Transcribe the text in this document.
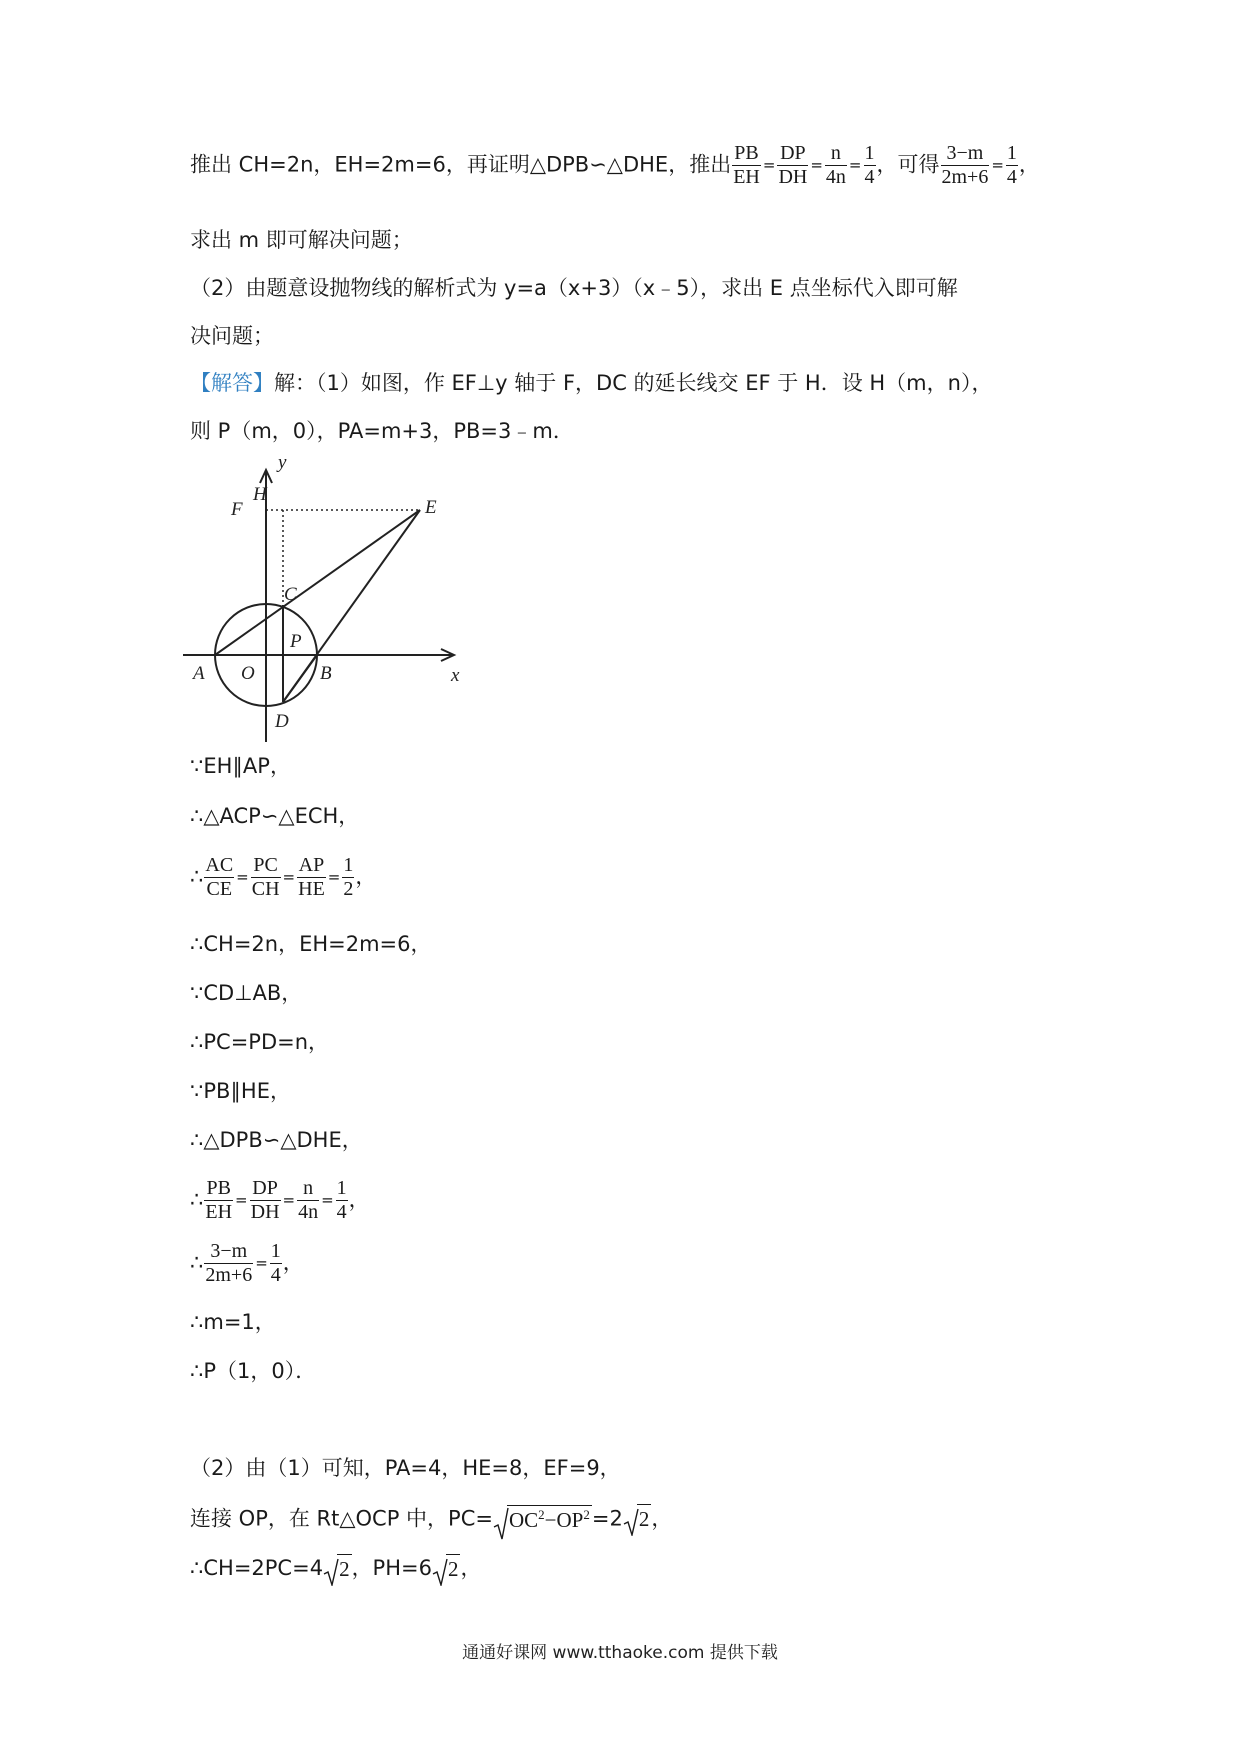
推出 CH=2n，EH=2m=6，再证明△DPB∽△DHE，推出 $\frac{PB}{EH} = \frac{DP}{DH} = \frac{n}{4n} = \frac{1}{4}$ ，可得 $\frac{3-m}{2m+6} = \frac{1}{4}$ ，
求出 m 即可解决问题；
（2）由题意设抛物线的解析式为 y=a（x+3）（x﹣5），求出 E 点坐标代入即可解
决问题；
【解答】解：（1）如图，作 EF⊥y 轴于 F，DC 的延长线交 EF 于 H．设 H（m，n），
则 P（m，0），PA=m+3，PB=3﹣m．
y
x
H
F	E
C
P
A O	B
D
∵EH∥AP，
∴△ACP∽△ECH，
∴ $\frac{AC}{CE} = \frac{PC}{CH} = \frac{AP}{HE} = \frac{1}{2}$ ，
∴CH=2n，EH=2m=6，
∵CD⊥AB，
∴PC=PD=n，
∵PB∥HE，
∴△DPB∽△DHE，
∴ $\frac{PB}{EH} = \frac{DP}{DH} = \frac{n}{4n} = \frac{1}{4}$ ，
∴ $\frac{3-m}{2m+6} = \frac{1}{4}$ ，
∴m=1，
∴P（1，0）．
（2）由（1）可知，PA=4，HE=8，EF=9，
连接 OP，在 Rt△OCP 中，$PC= OC^2-OP^2=2$ 2，
∴CH=2PC=4 2，PH=6 2，
通通好课网 www.tthaoke.com 提供下载
